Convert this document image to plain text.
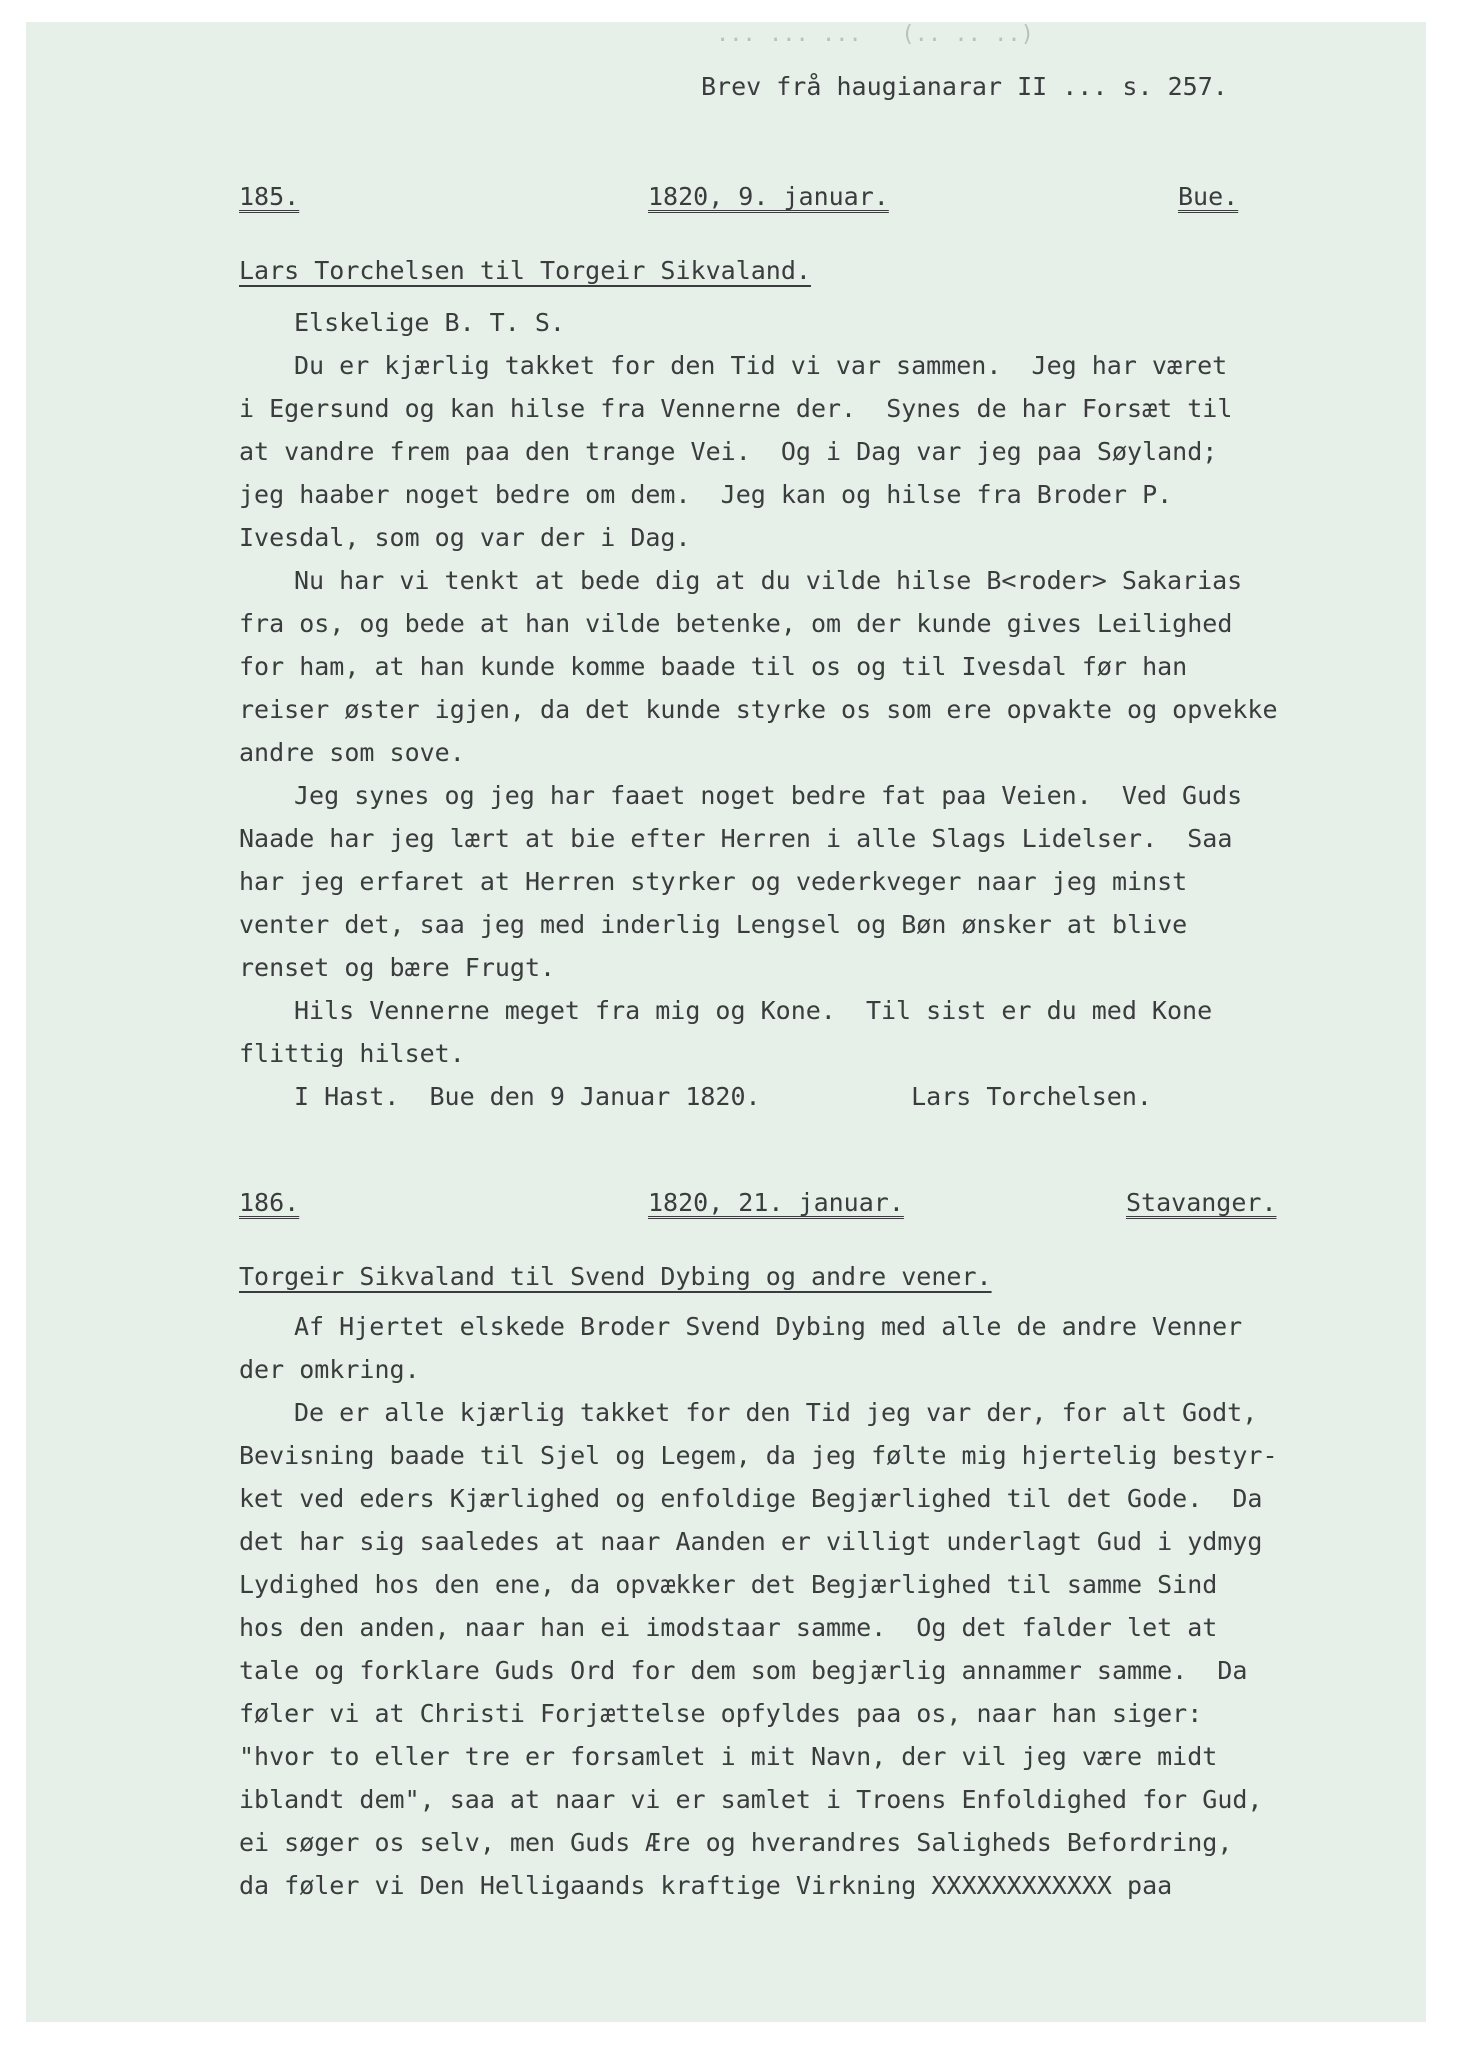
... ... ...   (.. .. ..)
Brev frå haugianarar II ... s. 257.
185.	1820, 9. januar.	Bue.
Lars Torchelsen til Torgeir Sikvaland.
Elskelige B. T. S.
Du er kjærlig takket for den Tid vi var sammen.  Jeg har været
i Egersund og kan hilse fra Vennerne der.  Synes de har Forsæt til
at vandre frem paa den trange Vei.  Og i Dag var jeg paa Søyland;
jeg haaber noget bedre om dem.  Jeg kan og hilse fra Broder P.
Ivesdal, som og var der i Dag.
Nu har vi tenkt at bede dig at du vilde hilse B<roder> Sakarias
fra os, og bede at han vilde betenke, om der kunde gives Leilighed
for ham, at han kunde komme baade til os og til Ivesdal før han
reiser øster igjen, da det kunde styrke os som ere opvakte og opvekke
andre som sove.
Jeg synes og jeg har faaet noget bedre fat paa Veien.  Ved Guds
Naade har jeg lært at bie efter Herren i alle Slags Lidelser.  Saa
har jeg erfaret at Herren styrker og vederkveger naar jeg minst
venter det, saa jeg med inderlig Lengsel og Bøn ønsker at blive
renset og bære Frugt.
Hils Vennerne meget fra mig og Kone.  Til sist er du med Kone
flittig hilset.
I Hast.  Bue den 9 Januar 1820.          Lars Torchelsen.
186.	1820, 21. januar.	Stavanger.
Torgeir Sikvaland til Svend Dybing og andre vener.
Af Hjertet elskede Broder Svend Dybing med alle de andre Venner
der omkring.
De er alle kjærlig takket for den Tid jeg var der, for alt Godt,
Bevisning baade til Sjel og Legem, da jeg følte mig hjertelig bestyr-
ket ved eders Kjærlighed og enfoldige Begjærlighed til det Gode.  Da
det har sig saaledes at naar Aanden er villigt underlagt Gud i ydmyg
Lydighed hos den ene, da opvækker det Begjærlighed til samme Sind
hos den anden, naar han ei imodstaar samme.  Og det falder let at
tale og forklare Guds Ord for dem som begjærlig annammer samme.  Da
føler vi at Christi Forjættelse opfyldes paa os, naar han siger:
"hvor to eller tre er forsamlet i mit Navn, der vil jeg være midt
iblandt dem", saa at naar vi er samlet i Troens Enfoldighed for Gud,
ei søger os selv, men Guds Ære og hverandres Saligheds Befordring,
da føler vi Den Helligaands kraftige Virkning XXXXXXXXXXXX paa
